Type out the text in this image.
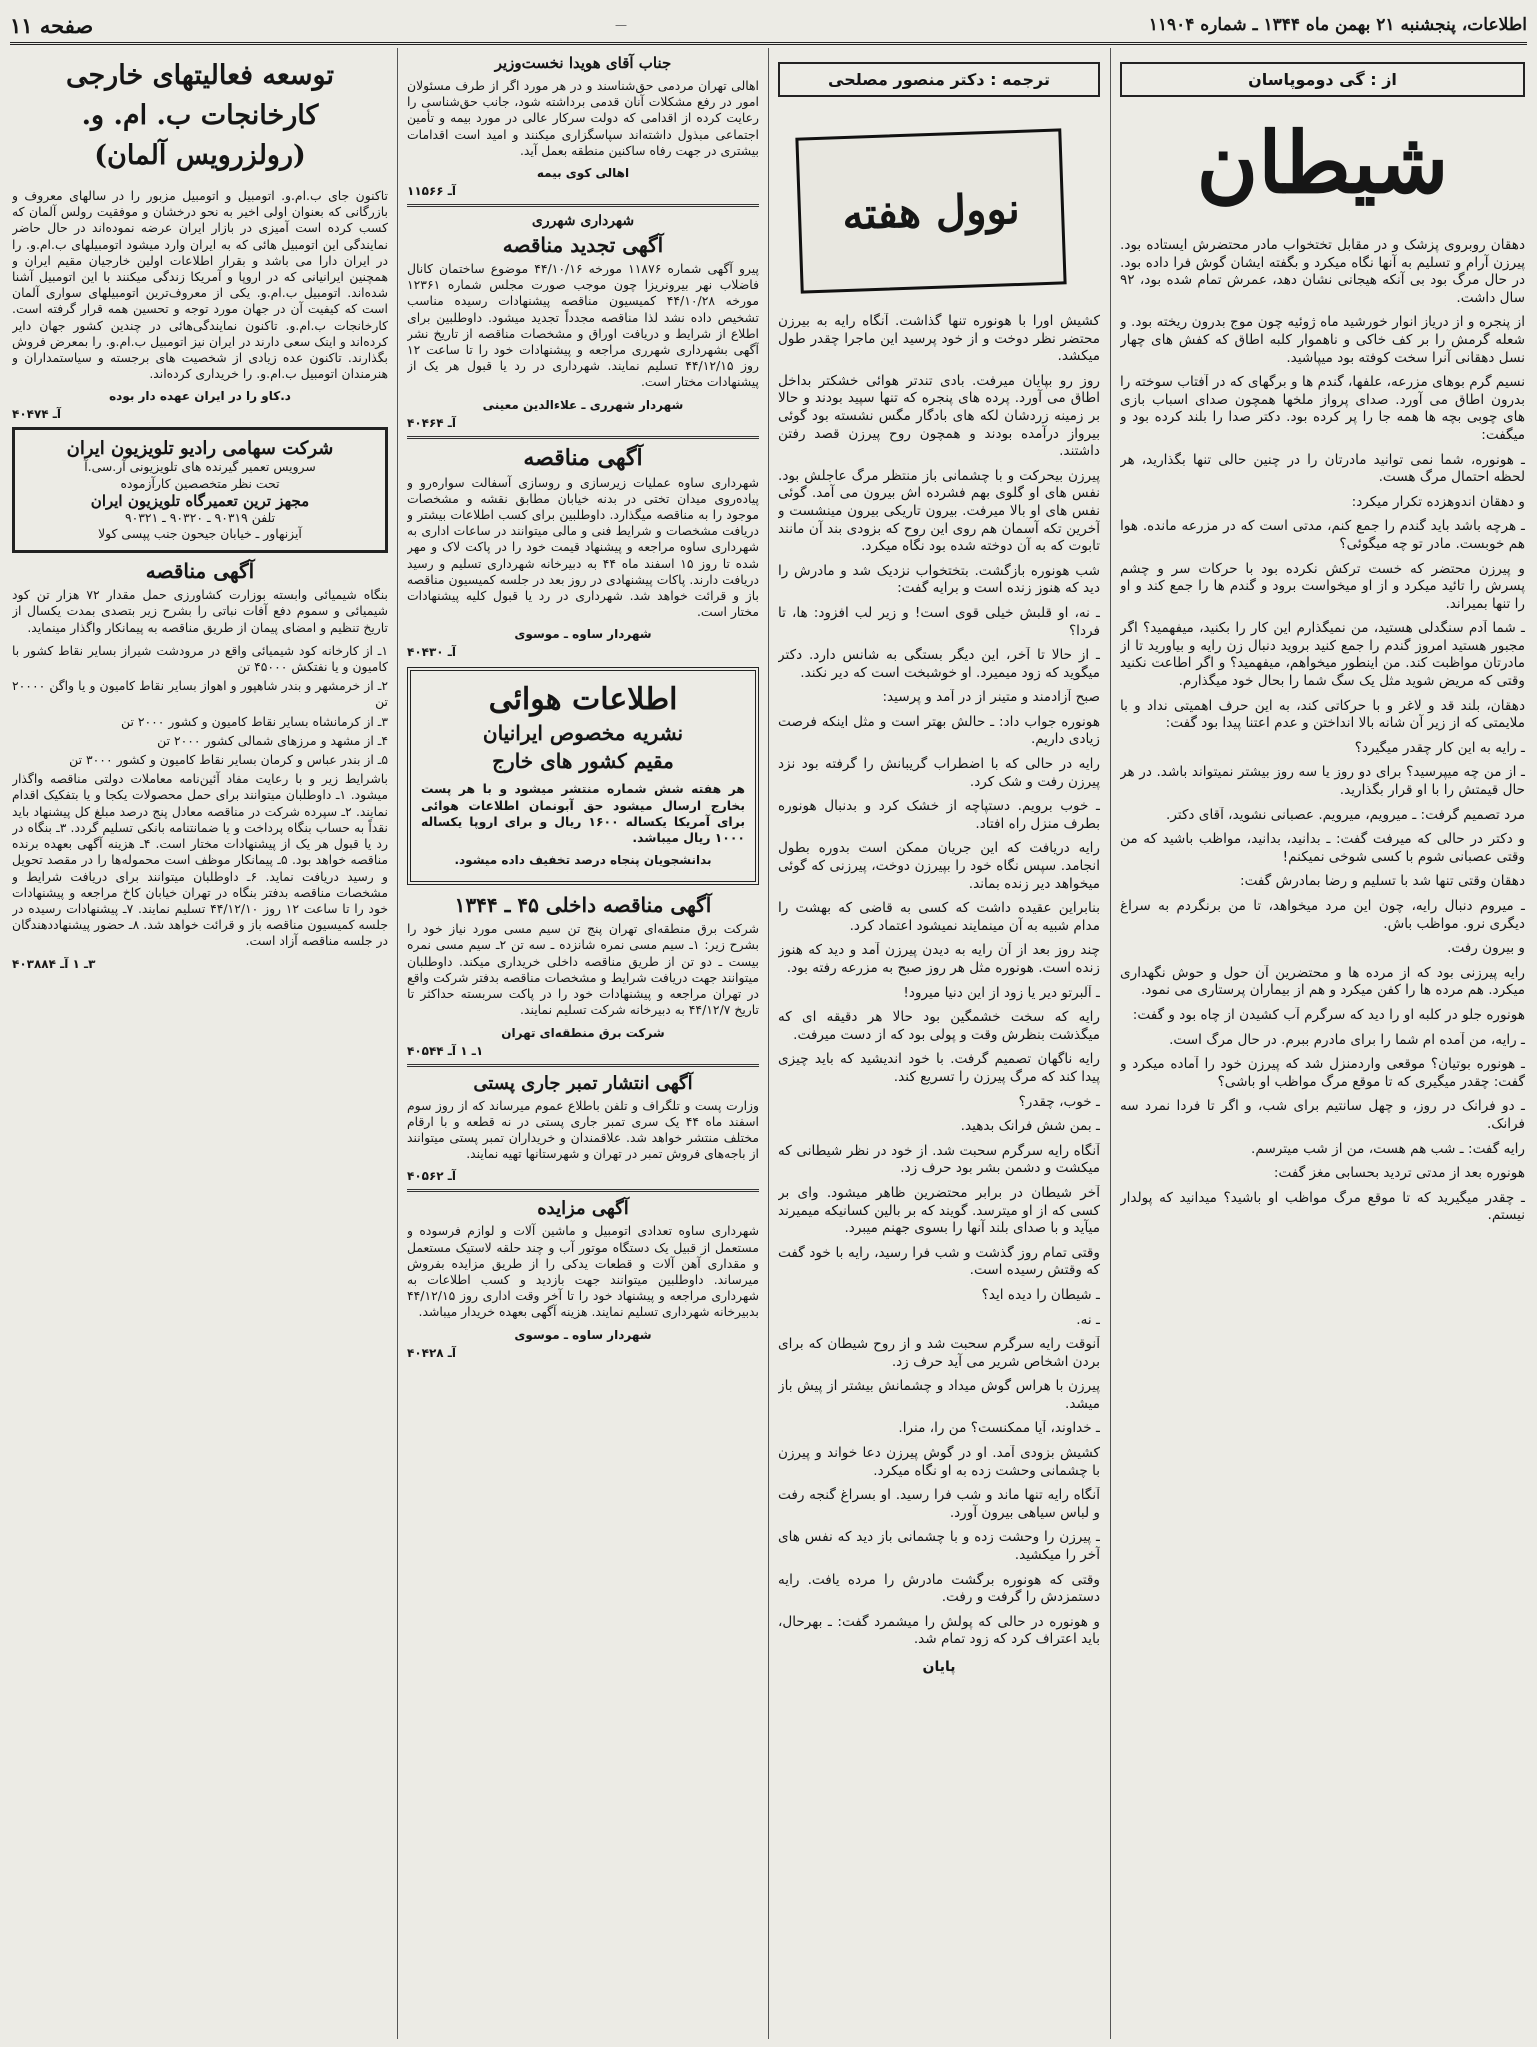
اطلاعات، پنجشنبه ۲۱ بهمن ماه ۱۳۴۴ ـ شماره ۱۱۹۰۴
—
صفحه ۱۱
از : گی دوموپاسان
شیطان

دهقان روبروی پزشک و در مقابل تختخواب مادر محتضرش ایستاده بود. پیرزن آرام و تسلیم به آنها نگاه میکرد و بگفته ایشان گوش فرا داده بود. در حال مرگ بود بی آنکه هیجانی نشان دهد، عمرش تمام شده بود، ۹۲ سال داشت.

از پنجره و از دریاز انوار خورشید ماه ژوئیه چون موج بدرون ریخته بود. و شعله گرمش را بر کف خاکی و ناهموار کلبه اطاق که کفش های چهار نسل دهقانی آنرا سخت کوفته بود میپاشید.

نسیم گرم بوهای مزرعه، علفها، گندم ها و برگهای که در آفتاب سوخته را بدرون اطاق می آورد. صدای پرواز ملخها همچون صدای اسباب بازی های چوبی بچه ها همه جا را پر کرده بود. دکتر صدا را بلند کرده بود و میگفت:

ـ هونوره، شما نمی توانید مادرتان را در چنین حالی تنها بگذارید، هر لحظه احتمال مرگ هست.

و دهقان اندوهزده تکرار میکرد:

ـ هرچه باشد باید گندم را جمع کنم، مدتی است که در مزرعه مانده. هوا هم خوبست. مادر تو چه میگوئی؟

و پیرزن محتضر که خست ترکش نکرده بود با حرکات سر و چشم پسرش را تائید میکرد و از او میخواست برود و گندم ها را جمع کند و او را تنها بمیراند.

ـ شما آدم سنگدلی هستید، من نمیگذارم این کار را بکنید، میفهمید؟ اگر مجبور هستید امروز گندم را جمع کنید بروید دنبال زن رایه و بیاورید تا از مادرتان مواظبت کند. من اینطور میخواهم، میفهمید؟ و اگر اطاعت نکنید وقتی که مریض شوید مثل یک سگ شما را بحال خود میگذارم.

دهقان، بلند قد و لاغر و با حرکاتی کند، به این حرف اهمیتی نداد و با ملایمتی که از زیر آن شانه بالا انداختن و عدم اعتنا پیدا بود گفت:

ـ رایه به این کار چقدر میگیرد؟

ـ از من چه میپرسید؟ برای دو روز یا سه روز بیشتر نمیتواند باشد. در هر حال قیمتش را با او قرار بگذارید.

مرد تصمیم گرفت: ـ میرویم، میرویم. عصبانی نشوید، آقای دکتر.

و دکتر در حالی که میرفت گفت: ـ بدانید، بدانید، مواظب باشید که من وقتی عصبانی شوم با کسی شوخی نمیکنم!

دهقان وقتی تنها شد با تسلیم و رضا بمادرش گفت:

ـ میروم دنبال رایه، چون این مرد میخواهد، تا من برنگردم به سراغ دیگری نرو. مواظب باش.

و بیرون رفت.

رایه پیرزنی بود که از مرده ها و محتضرین آن حول و حوش نگهداری میکرد. هم مرده ها را کفن میکرد و هم از بیماران پرستاری می نمود.

هونوره جلو در کلبه او را دید که سرگرم آب کشیدن از چاه بود و گفت:

ـ رایه، من آمده ام شما را برای مادرم ببرم. در حال مرگ است.

ـ هونوره بوتیان؟ موقعی واردمنزل شد که پیرزن خود را آماده میکرد و گفت: چقدر میگیری که تا موقع مرگ مواظب او باشی؟

ـ دو فرانک در روز، و چهل سانتیم برای شب، و اگر تا فردا نمرد سه فرانک.

رایه گفت: ـ شب هم هست، من از شب میترسم.

هونوره بعد از مدتی تردید بحسابی مغز گفت:

ـ چقدر میگیرید که تا موقع مرگ مواظب او باشید؟ میدانید که پولدار نیستم.

ترجمه : دکتر منصور مصلحی
نوول هفته

کشیش اورا با هونوره تنها گذاشت. آنگاه رایه به بیرزن محتضر نظر دوخت و از خود پرسید این ماجرا چقدر طول میکشد.

روز رو بپایان میرفت. بادی تندتر هوائی خشکتر بداخل اطاق می آورد. پرده های پنجره که تنها سپید بودند و حالا بر زمینه زردشان لکه های بادگار مگس نشسته بود گوئی بیرواز درآمده بودند و همچون روح پیرزن قصد رفتن داشتند.

پیرزن بیحرکت و با چشمانی باز منتظر مرگ عاجلش بود. نفس های او گلوی بهم فشرده اش بیرون می آمد. گوئی نفس های او بالا میرفت. بیرون تاریکی بیرون مینشست و آخرین تکه آسمان هم روی این روح که بزودی بند آن مانند تابوت که به آن دوخته شده بود نگاه میکرد.

شب هونوره بازگشت. بتختخواب نزدیک شد و مادرش را دید که هنوز زنده است و برایه گفت:

ـ نه، او قلبش خیلی قوی است! و زیر لب افزود: ها، تا فردا؟

ـ از حالا تا آخر، این دیگر بستگی به شانس دارد. دکتر میگوید که زود میمیرد. او خوشبخت است که دیر نکند.

صبح آزادمند و متینر از در آمد و پرسید:

هونوره جواب داد: ـ حالش بهتر است و مثل اینکه فرصت زیادی داریم.

رایه در حالی که با اضطراب گریبانش را گرفته بود نزد پیرزن رفت و شک کرد.

ـ خوب برویم. دستپاچه از خشک کرد و بدنبال هونوره بطرف منزل راه افتاد.

رایه دریافت که این جریان ممکن است بدوره بطول انجامد. سپس نگاه خود را بپیرزن دوخت، پیرزنی که گوئی میخواهد دیر زنده بماند.

بنابراین عقیده داشت که کسی به قاضی که بهشت را مدام شبیه به آن مینمایند نمیشود اعتماد کرد.

چند روز بعد از آن رایه به دیدن پیرزن آمد و دید که هنوز زنده است. هونوره مثل هر روز صبح به مزرعه رفته بود.

ـ آلبرتو دیر یا زود از این دنیا میرود!

رایه که سخت خشمگین بود حالا هر دقیقه ای که میگذشت بنظرش وقت و پولی بود که از دست میرفت.

رایه ناگهان تصمیم گرفت. با خود اندیشید که باید چیزی پیدا کند که مرگ پیرزن را تسریع کند.

ـ خوب، چقدر؟

ـ بمن شش فرانک بدهید.

آنگاه رایه سرگرم سحبت شد. از خود در نظر شیطانی که میکشت و دشمن بشر بود حرف زد.

آخر شیطان در برابر محتضرین ظاهر میشود. وای بر کسی که از او میترسد. گویند که بر بالین کسانیکه میمیرند میآید و با صدای بلند آنها را بسوی جهنم میبرد.

وقتی تمام روز گذشت و شب فرا رسید، رایه با خود گفت که وقتش رسیده است.

ـ شیطان را دیده اید؟

ـ نه.

آنوقت رایه سرگرم سحبت شد و از روح شیطان که برای بردن اشخاص شریر می آید حرف زد.

پیرزن با هراس گوش میداد و چشمانش بیشتر از پیش باز میشد.

ـ خداوند، آیا ممکنست؟ من را، منرا.

کشیش بزودی آمد. او در گوش پیرزن دعا خواند و پیرزن با چشمانی وحشت زده به او نگاه میکرد.

آنگاه رایه تنها ماند و شب فرا رسید. او بسراغ گنجه رفت و لباس سیاهی بیرون آورد.

ـ پیرزن را وحشت زده و با چشمانی باز دید که نفس های آخر را میکشید.

وقتی که هونوره برگشت مادرش را مرده یافت. رایه دستمزدش را گرفت و رفت.

و هونوره در حالی که پولش را میشمرد گفت: ـ بهرحال، باید اعتراف کرد که زود تمام شد.

پایان
جناب آقای هویدا نخست‌وزیر

اهالی تهران مردمی حق‌شناسند و در هر مورد اگر از طرف مسئولان امور در رفع مشکلات آنان قدمی برداشته شود، جانب حق‌شناسی را رعایت کرده از اقدامی که دولت سرکار عالی در مورد بیمه و تأمین اجتماعی مبذول داشته‌اند سپاسگزاری میکنند و امید است اقدامات بیشتری در جهت رفاه ساکنین منطقه بعمل آید.

اهالی کوی بیمه
آـ ۱۱۵۶۶
شهرداری شهرری
آگهی تجدید مناقصه

پیرو آگهی شماره ۱۱۸۷۶ مورخه ۴۴/۱۰/۱۶ موضوع ساختمان کانال فاضلاب نهر بیرونریزا چون موجب صورت مجلس شماره ۱۲۳۶۱ مورخه ۴۴/۱۰/۲۸ کمیسیون مناقصه پیشنهادات رسیده مناسب تشخیص داده نشد لذا مناقصه مجدداً تجدید میشود. داوطلبین برای اطلاع از شرایط و دریافت اوراق و مشخصات مناقصه از تاریخ نشر آگهی بشهرداری شهرری مراجعه و پیشنهادات خود را تا ساعت ۱۲ روز ۴۴/۱۲/۱۵ تسلیم نمایند. شهرداری در رد یا قبول هر یک از پیشنهادات مختار است.

شهردار شهرری ـ علاءالدین معینی
آـ ۴۰۴۶۴
آگهی مناقصه

شهرداری ساوه عملیات زیرسازی و روسازی آسفالت سواره‌رو و پیاده‌روی میدان تختی در بدنه خیابان مطابق نقشه و مشخصات موجود را به مناقصه میگذارد. داوطلبین برای کسب اطلاعات بیشتر و دریافت مشخصات و شرایط فنی و مالی میتوانند در ساعات اداری به شهرداری ساوه مراجعه و پیشنهاد قیمت خود را در پاکت لاک و مهر شده تا روز ۱۵ اسفند ماه ۴۴ به دبیرخانه شهرداری تسلیم و رسید دریافت دارند. پاکات پیشنهادی در روز بعد در جلسه کمیسیون مناقصه باز و قرائت خواهد شد. شهرداری در رد یا قبول کلیه پیشنهادات مختار است.

شهردار ساوه ـ موسوی
آـ ۴۰۴۳۰
اطلاعات هوائی
نشریه مخصوص ایرانیان
مقیم کشور های خارج

هر هفته شش شماره منتشر میشود و با هر پست بخارج ارسال میشود حق آبونمان اطلاعات هوائی برای آمریکا یکساله ۱۶۰۰ ریال و برای اروپا یکساله ۱۰۰۰ ریال میباشد.

بدانشجویان پنجاه درصد تخفیف داده میشود.
آگهی مناقصه داخلی ۴۵ ـ ۱۳۴۴

شرکت برق منطقه‌ای تهران پنج تن سیم مسی مورد نیاز خود را بشرح زیر: ۱ـ سیم مسی نمره شانزده ـ سه تن ۲ـ سیم مسی نمره بیست ـ دو تن از طریق مناقصه داخلی خریداری میکند. داوطلبان میتوانند جهت دریافت شرایط و مشخصات مناقصه بدفتر شرکت واقع در تهران مراجعه و پیشنهادات خود را در پاکت سربسته حداکثر تا تاریخ ۴۴/۱۲/۷ به دبیرخانه شرکت تسلیم نمایند.

شرکت برق منطقه‌ای تهران
۱ـ ۱ آـ ۴۰۵۴۴
آگهی انتشار تمبر جاری پستی

وزارت پست و تلگراف و تلفن باطلاع عموم میرساند که از روز سوم اسفند ماه ۴۴ یک سری تمبر جاری پستی در نه قطعه و با ارقام مختلف منتشر خواهد شد. علاقمندان و خریداران تمبر پستی میتوانند از باجه‌های فروش تمبر در تهران و شهرستانها تهیه نمایند.

آـ ۴۰۵۶۲
آگهی مزایده

شهرداری ساوه تعدادی اتومبیل و ماشین آلات و لوازم فرسوده و مستعمل از قبیل یک دستگاه موتور آب و چند حلقه لاستیک مستعمل و مقداری آهن آلات و قطعات یدکی را از طریق مزایده بفروش میرساند. داوطلبین میتوانند جهت بازدید و کسب اطلاعات به شهرداری مراجعه و پیشنهاد خود را تا آخر وقت اداری روز ۴۴/۱۲/۱۵ بدبیرخانه شهرداری تسلیم نمایند. هزینه آگهی بعهده خریدار میباشد.

شهردار ساوه ـ موسوی
آـ ۴۰۴۲۸
توسعه فعالیتهای خارجی
کارخانجات ب. ام. و.
(رولزرویس آلمان)

تاکنون جای ب.ام.و. اتومبیل و اتومبیل مزبور را در سالهای معروف و بازرگانی که بعنوان اولی اخیر به نحو درخشان و موفقیت رولس آلمان که کسب کرده است آمیزی در بازار ایران عرضه نموده‌اند در حال حاضر نمایندگی این اتومبیل هائی که به ایران وارد میشود اتومبیلهای ب.ام.و. را در ایران دارا می باشد و بقرار اطلاعات اولین خارجیان مقیم ایران و همچنین ایرانیانی که در اروپا و آمریکا زندگی میکنند با این اتومبیل آشنا شده‌اند. اتومبیل ب.ام.و. یکی از معروف‌ترین اتومبیلهای سواری آلمان است که کیفیت آن در جهان مورد توجه و تحسین همه قرار گرفته است. کارخانجات ب.ام.و. تاکنون نمایندگی‌هائی در چندین کشور جهان دایر کرده‌اند و اینک سعی دارند در ایران نیز اتومبیل ب.ام.و. را بمعرض فروش بگذارند. تاکنون عده زیادی از شخصیت های برجسته و سیاستمداران و هنرمندان اتومبیل ب.ام.و. را خریداری کرده‌اند.

د.کاو را در ایران عهده دار بوده
آـ ۴۰۴۷۴
شرکت سهامی رادیو تلویزیون ایران
سرویس تعمیر گیرنده های تلویزیونی آر.سی.آ
تحت نظر متخصصین کارآزموده
مجهز ترین تعمیرگاه تلویزیون ایران
تلفن ۹۰۳۱۹ ـ ۹۰۳۲۰ ـ ۹۰۳۲۱
آیزنهاور ـ خیابان جیحون جنب پپسی کولا
آگهی مناقصه

بنگاه شیمیائی وابسته بوزارت کشاورزی حمل مقدار ۷۲ هزار تن کود شیمیائی و سموم دفع آفات نباتی را بشرح زیر بتصدی بمدت یکسال از تاریخ تنظیم و امضای پیمان از طریق مناقصه به پیمانکار واگذار مینماید.

۱ـ از کارخانه کود شیمیائی واقع در مرودشت شیراز بسایر نقاط کشور با کامیون و یا نفتکش ۴۵۰۰۰ تن
۲ـ از خرمشهر و بندر شاهپور و اهواز بسایر نقاط کامیون و یا واگن ۲۰۰۰۰ تن
۳ـ از کرمانشاه بسایر نقاط کامیون و کشور ۲۰۰۰ تن
۴ـ از مشهد و مرزهای شمالی کشور ۲۰۰۰ تن
۵ـ از بندر عباس و کرمان بسایر نقاط کامیون و کشور ۳۰۰۰ تن

باشرایط زیر و با رعایت مفاد آئین‌نامه معاملات دولتی مناقصه واگذار میشود. ۱ـ داوطلبان میتوانند برای حمل محصولات یکجا و یا بتفکیک اقدام نمایند. ۲ـ سپرده شرکت در مناقصه معادل پنج درصد مبلغ کل پیشنهاد باید نقداً به حساب بنگاه پرداخت و یا ضمانتنامه بانکی تسلیم گردد. ۳ـ بنگاه در رد یا قبول هر یک از پیشنهادات مختار است. ۴ـ هزینه آگهی بعهده برنده مناقصه خواهد بود. ۵ـ پیمانکار موظف است محموله‌ها را در مقصد تحویل و رسید دریافت نماید. ۶ـ داوطلبان میتوانند برای دریافت شرایط و مشخصات مناقصه بدفتر بنگاه در تهران خیابان کاخ مراجعه و پیشنهادات خود را تا ساعت ۱۲ روز ۴۴/۱۲/۱۰ تسلیم نمایند. ۷ـ پیشنهادات رسیده در جلسه کمیسیون مناقصه باز و قرائت خواهد شد. ۸ـ حضور پیشنهاددهندگان در جلسه مناقصه آزاد است.

۳ـ ۱ آـ ۴۰۳۸۸۴
